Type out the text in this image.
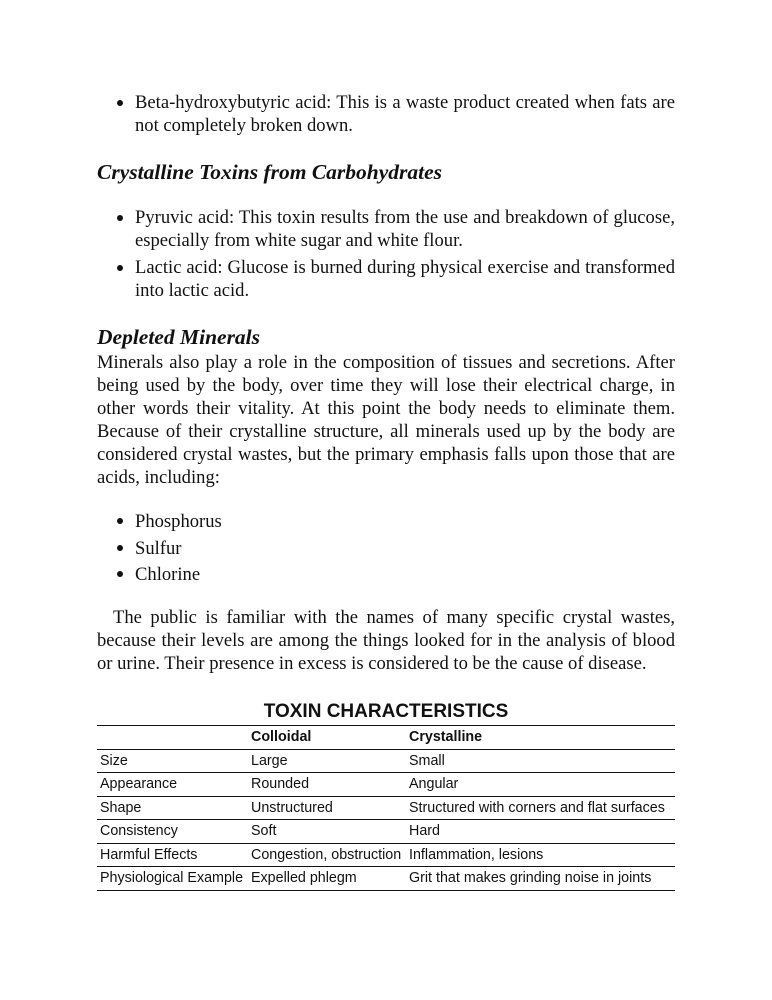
Beta-hydroxybutyric acid: This is a waste product created when fats are not completely broken down.
Crystalline Toxins from Carbohydrates
Pyruvic acid: This toxin results from the use and breakdown of glucose, especially from white sugar and white flour.
Lactic acid: Glucose is burned during physical exercise and transformed into lactic acid.
Depleted Minerals

Minerals also play a role in the composition of tissues and secretions. After being used by the body, over time they will lose their electrical charge, in other words their vitality. At this point the body needs to eliminate them. Because of their crystalline structure, all minerals used up by the body are considered crystal wastes, but the primary emphasis falls upon those that are acids, including:

Phosphorus
Sulfur
Chlorine

The public is familiar with the names of many specific crystal wastes, because their levels are among the things looked for in the analysis of blood or urine. Their presence in excess is considered to be the cause of disease.

TOXIN CHARACTERISTICS
	Colloidal	Crystalline
Size	Large	Small
Appearance	Rounded	Angular
Shape	Unstructured	Structured with corners and flat surfaces
Consistency	Soft	Hard
Harmful Effects	Congestion, obstruction	Inflammation, lesions
Physiological Example	Expelled phlegm	Grit that makes grinding noise in joints
